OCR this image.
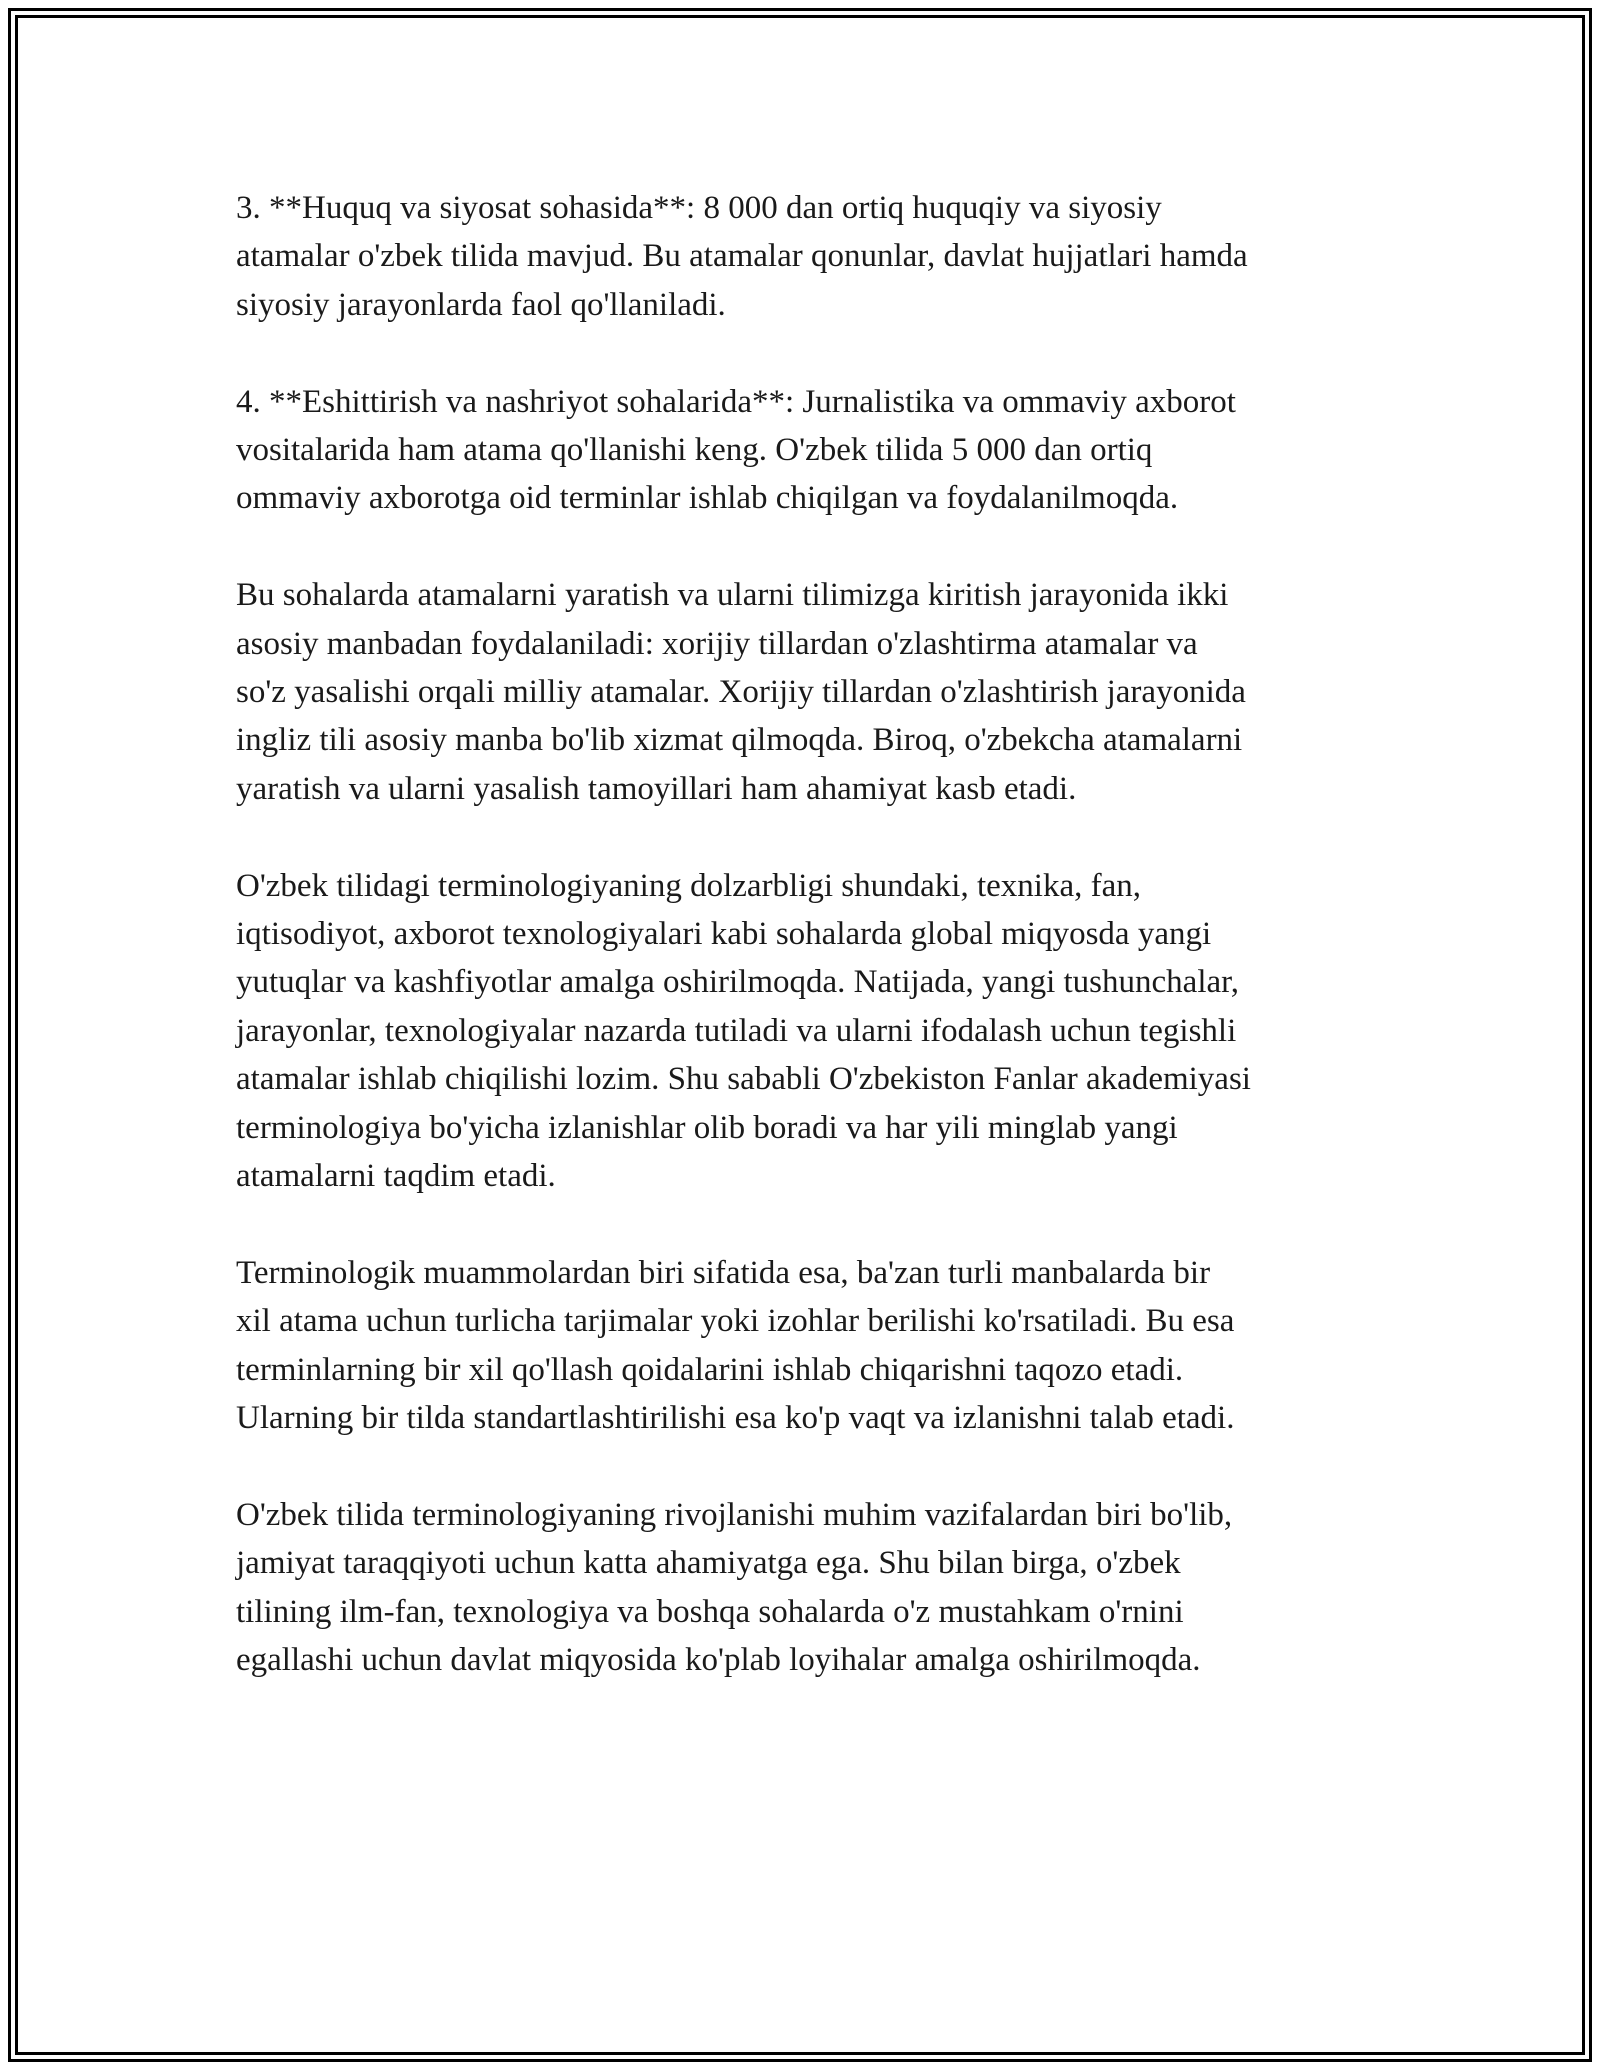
3. **Huquq va siyosat sohasida**: 8 000 dan ortiq huquqiy va siyosiy
atamalar o'zbek tilida mavjud. Bu atamalar qonunlar, davlat hujjatlari hamda
siyosiy jarayonlarda faol qo'llaniladi.

4. **Eshittirish va nashriyot sohalarida**: Jurnalistika va ommaviy axborot
vositalarida ham atama qo'llanishi keng. O'zbek tilida 5 000 dan ortiq
ommaviy axborotga oid terminlar ishlab chiqilgan va foydalanilmoqda.

Bu sohalarda atamalarni yaratish va ularni tilimizga kiritish jarayonida ikki
asosiy manbadan foydalaniladi: xorijiy tillardan o'zlashtirma atamalar va
so'z yasalishi orqali milliy atamalar. Xorijiy tillardan o'zlashtirish jarayonida
ingliz tili asosiy manba bo'lib xizmat qilmoqda. Biroq, o'zbekcha atamalarni
yaratish va ularni yasalish tamoyillari ham ahamiyat kasb etadi.

O'zbek tilidagi terminologiyaning dolzarbligi shundaki, texnika, fan,
iqtisodiyot, axborot texnologiyalari kabi sohalarda global miqyosda yangi
yutuqlar va kashfiyotlar amalga oshirilmoqda. Natijada, yangi tushunchalar,
jarayonlar, texnologiyalar nazarda tutiladi va ularni ifodalash uchun tegishli
atamalar ishlab chiqilishi lozim. Shu sababli O'zbekiston Fanlar akademiyasi
terminologiya bo'yicha izlanishlar olib boradi va har yili minglab yangi
atamalarni taqdim etadi.

Terminologik muammolardan biri sifatida esa, ba'zan turli manbalarda bir
xil atama uchun turlicha tarjimalar yoki izohlar berilishi ko'rsatiladi. Bu esa
terminlarning bir xil qo'llash qoidalarini ishlab chiqarishni taqozo etadi.
Ularning bir tilda standartlashtirilishi esa ko'p vaqt va izlanishni talab etadi.

O'zbek tilida terminologiyaning rivojlanishi muhim vazifalardan biri bo'lib,
jamiyat taraqqiyoti uchun katta ahamiyatga ega. Shu bilan birga, o'zbek
tilining ilm-fan, texnologiya va boshqa sohalarda o'z mustahkam o'rnini
egallashi uchun davlat miqyosida ko'plab loyihalar amalga oshirilmoqda.
